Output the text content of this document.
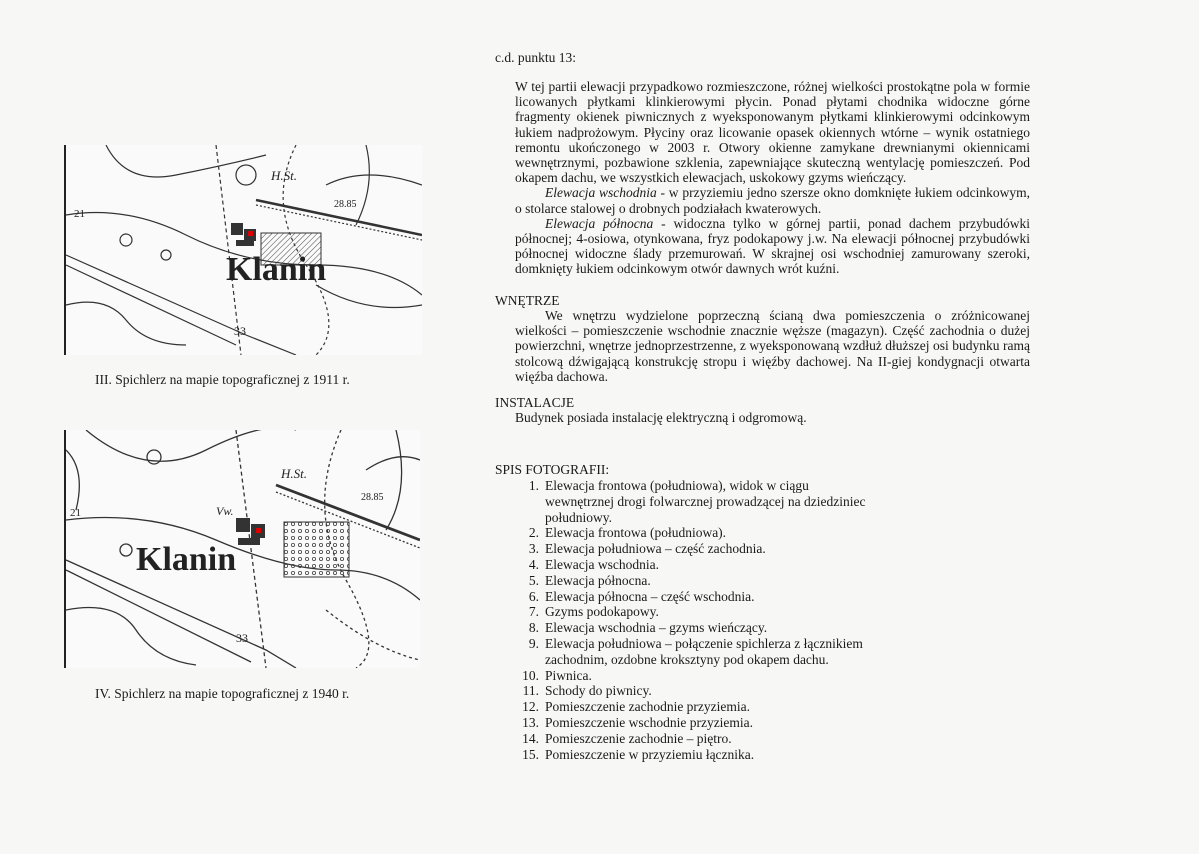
Klanin
H.St.
28.85
21
33
III. Spichlerz na mapie topograficznej z 1911 r.
Klanin
H.St.
28.85
Vw.
21
33
IV. Spichlerz na mapie topograficznej z 1940 r.
c.d. punktu 13:

W tej partii elewacji przypadkowo rozmieszczone, różnej wielkości prostokątne pola w formie licowanych płytkami klinkierowymi płycin. Ponad płytami chodnika widoczne górne fragmenty okienek piwnicznych z wyeksponowanym płytkami klinkierowymi odcinkowym łukiem nadprożowym. Płyciny oraz licowanie opasek okiennych wtórne – wynik ostatniego remontu ukończonego w 2003 r. Otwory okienne zamykane drewnianymi okiennicami wewnętrznymi, pozbawione szklenia, zapewniające skuteczną wentylację pomieszczeń. Pod okapem dachu, we wszystkich elewacjach, uskokowy gzyms wieńczący.

Elewacja wschodnia - w przyziemiu jedno szersze okno domknięte łukiem odcinkowym, o stolarce stalowej o drobnych podziałach kwaterowych.

Elewacja północna - widoczna tylko w górnej partii, ponad dachem przybudówki północnej; 4-osiowa, otynkowana, fryz podokapowy j.w. Na elewacji północnej przybudówki północnej widoczne ślady przemurowań. W skrajnej osi wschodniej zamurowany szeroki, domknięty łukiem odcinkowym otwór dawnych wrót kuźni.

WNĘTRZE

We wnętrzu wydzielone poprzeczną ścianą dwa pomieszczenia o zróżnicowanej wielkości – pomieszczenie wschodnie znacznie węższe (magazyn). Część zachodnia o dużej powierzchni, wnętrze jednoprzestrzenne, z wyeksponowaną wzdłuż dłuższej osi budynku ramą stolcową dźwigającą konstrukcję stropu i więźby dachowej. Na II-giej kondygnacji otwarta więźba dachowa.

INSTALACJE

Budynek posiada instalację elektryczną i odgromową.

SPIS FOTOGRAFII:
1. Elewacja frontowa (południowa), widok w ciągu wewnętrznej drogi folwarcznej prowadzącej na dziedziniec południowy.
2. Elewacja frontowa (południowa).
3. Elewacja południowa – część zachodnia.
4. Elewacja wschodnia.
5. Elewacja północna.
6. Elewacja północna – część wschodnia.
7. Gzyms podokapowy.
8. Elewacja wschodnia – gzyms wieńczący.
9. Elewacja południowa – połączenie spichlerza z łącznikiem zachodnim, ozdobne kroksztyny pod okapem dachu.
10. Piwnica.
11. Schody do piwnicy.
12. Pomieszczenie zachodnie przyziemia.
13. Pomieszczenie wschodnie przyziemia.
14. Pomieszczenie zachodnie – piętro.
15. Pomieszczenie w przyziemiu łącznika.
